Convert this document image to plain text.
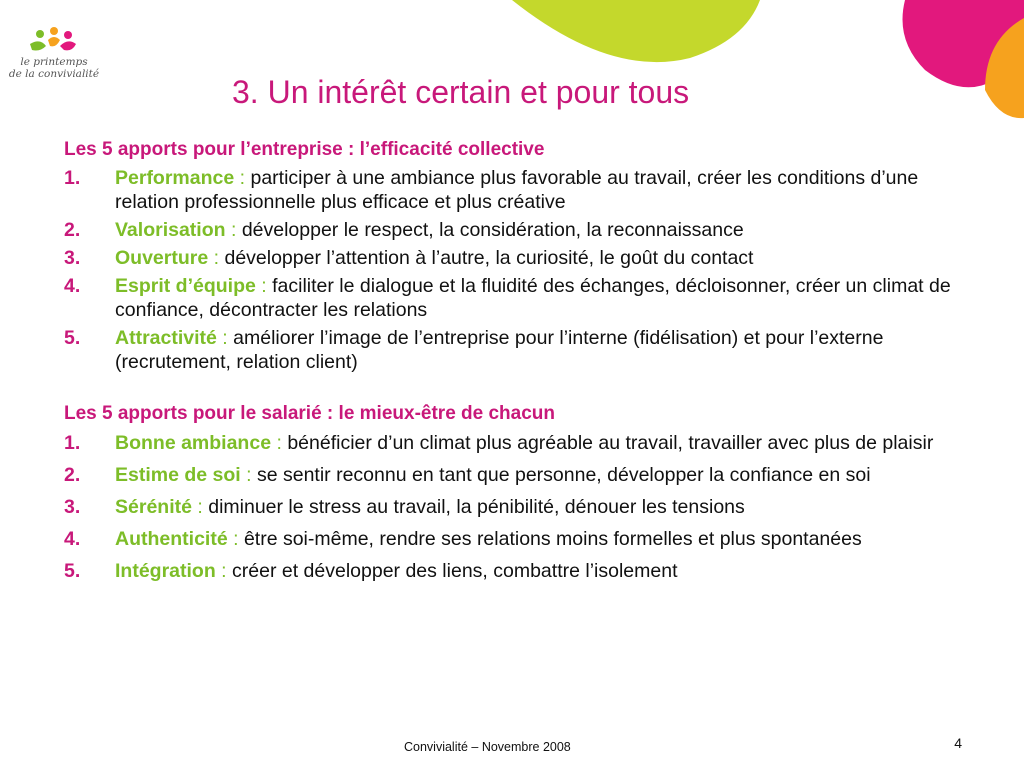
le printemps
de la convivialité	3. Un intérêt certain et pour tous

Les 5 apports pour l’entreprise : l’efficacité collective

1. Performance : participer à une ambiance plus favorable au travail, créer les conditions d’une relation professionnelle plus efficace et plus créative
2. Valorisation : développer le respect, la considération, la reconnaissance
3. Ouverture : développer l’attention à l’autre, la curiosité, le goût du contact
4. Esprit d’équipe : faciliter le dialogue et la fluidité des échanges, décloisonner, créer un climat de confiance, décontracter les relations
5. Attractivité : améliorer l’image de l’entreprise pour l’interne (fidélisation) et pour l’externe (recrutement, relation client)

Les 5 apports pour le salarié : le mieux-être de chacun

1. Bonne ambiance : bénéficier d’un climat plus agréable au travail, travailler avec plus de plaisir
2. Estime de soi : se sentir reconnu en tant que personne, développer la confiance en soi
3. Sérénité : diminuer le stress au travail, la pénibilité, dénouer les tensions
4. Authenticité : être soi-même, rendre ses relations moins formelles et plus spontanées
5. Intégration : créer et développer des liens, combattre l’isolement
Convivialité – Novembre 2008	4
